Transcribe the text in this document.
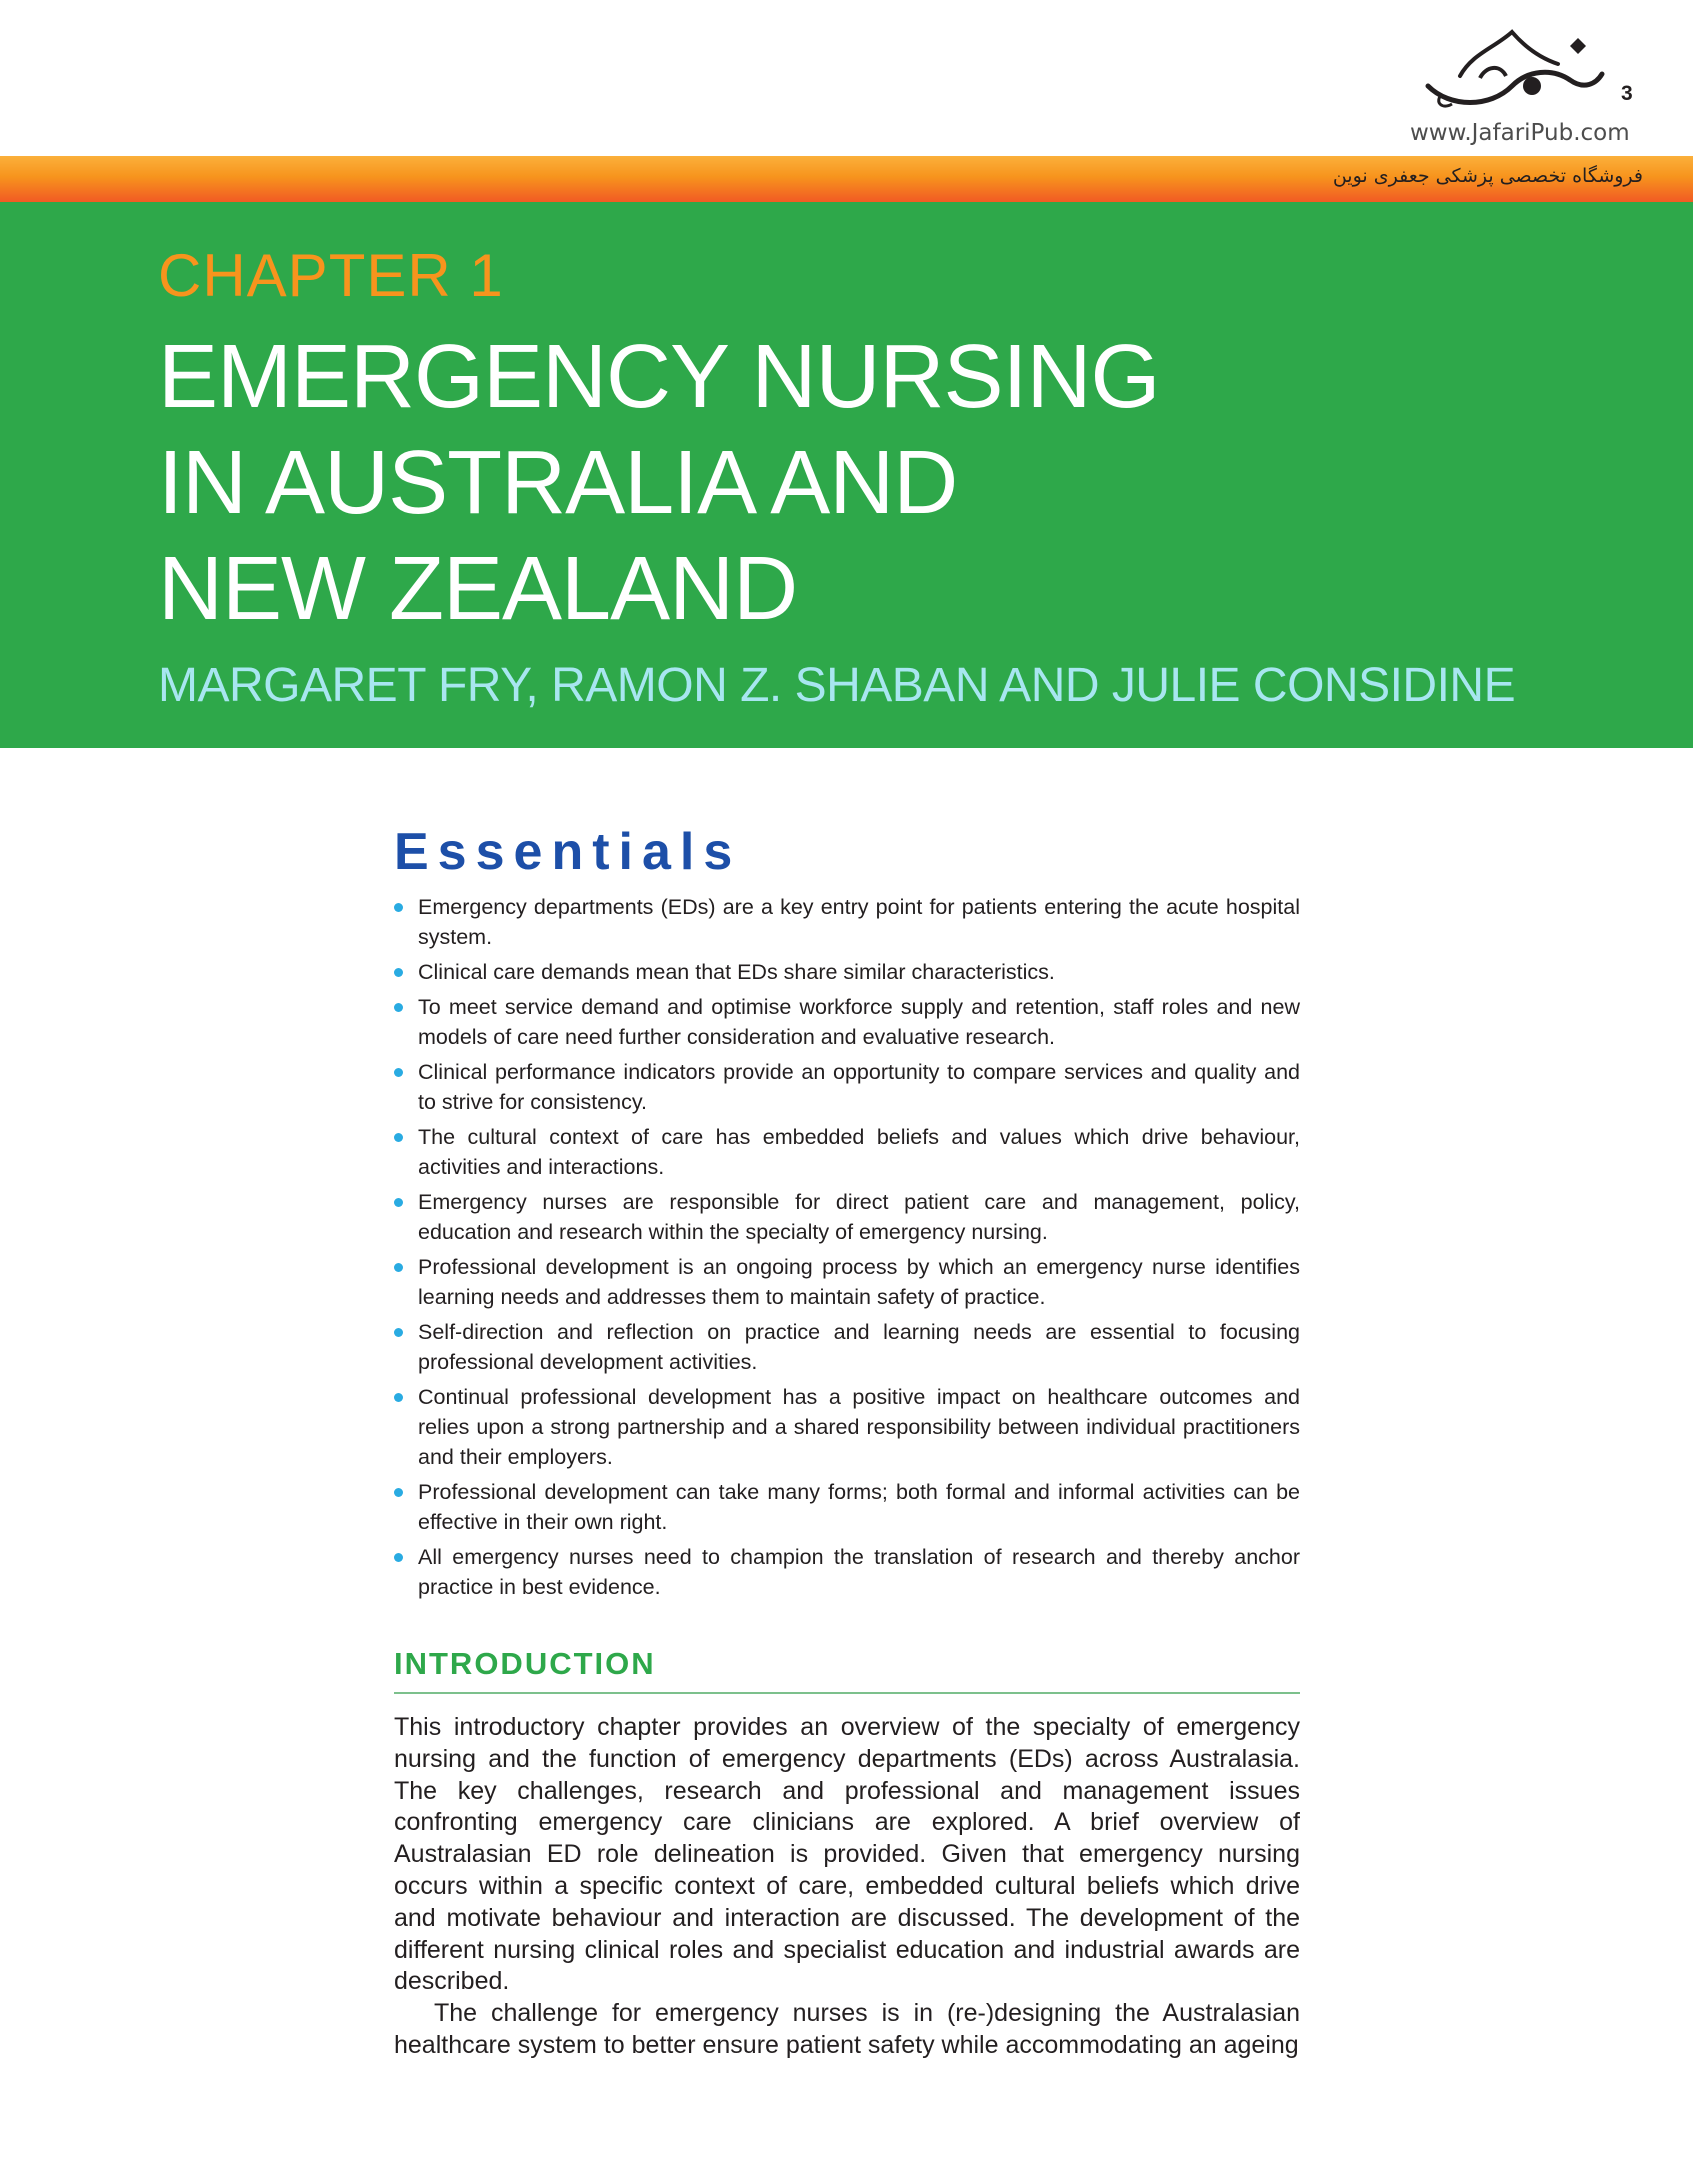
www.JafariPub.com
3
فروشگاه تخصصی پزشکی جعفری نوین
CHAPTER 1
EMERGENCY NURSING
IN AUSTRALIA AND
NEW ZEALAND
MARGARET FRY, RAMON Z. SHABAN AND JULIE CONSIDINE
Essentials
Emergency departments (EDs) are a key entry point for patients entering the acute hospital system.
Clinical care demands mean that EDs share similar characteristics.
To meet service demand and optimise workforce supply and retention, staff roles and new models of care need further consideration and evaluative research.
Clinical performance indicators provide an opportunity to compare services and quality and to strive for consistency.
The cultural context of care has embedded beliefs and values which drive behaviour, activities and interactions.
Emergency nurses are responsible for direct patient care and management, policy, education and research within the specialty of emergency nursing.
Professional development is an ongoing process by which an emergency nurse identifies learning needs and addresses them to maintain safety of practice.
Self-direction and reflection on practice and learning needs are essential to focusing professional development activities.
Continual professional development has a positive impact on healthcare outcomes and relies upon a strong partnership and a shared responsibility between individual practitioners and their employers.
Professional development can take many forms; both formal and informal activities can be effective in their own right.
All emergency nurses need to champion the translation of research and thereby anchor practice in best evidence.
INTRODUCTION

This introductory chapter provides an overview of the specialty of emergency nursing and the function of emergency departments (EDs) across Australasia. The key challenges, research and professional and management issues confronting emergency care clinicians are explored. A brief overview of Australasian ED role delineation is provided. Given that emergency nursing occurs within a specific context of care, embedded cultural beliefs which drive and motivate behaviour and interaction are discussed. The development of the different nursing clinical roles and specialist education and industrial awards are described.

The challenge for emergency nurses is in (re-)designing the Australasian healthcare system to better ensure patient safety while accommodating an ageing
